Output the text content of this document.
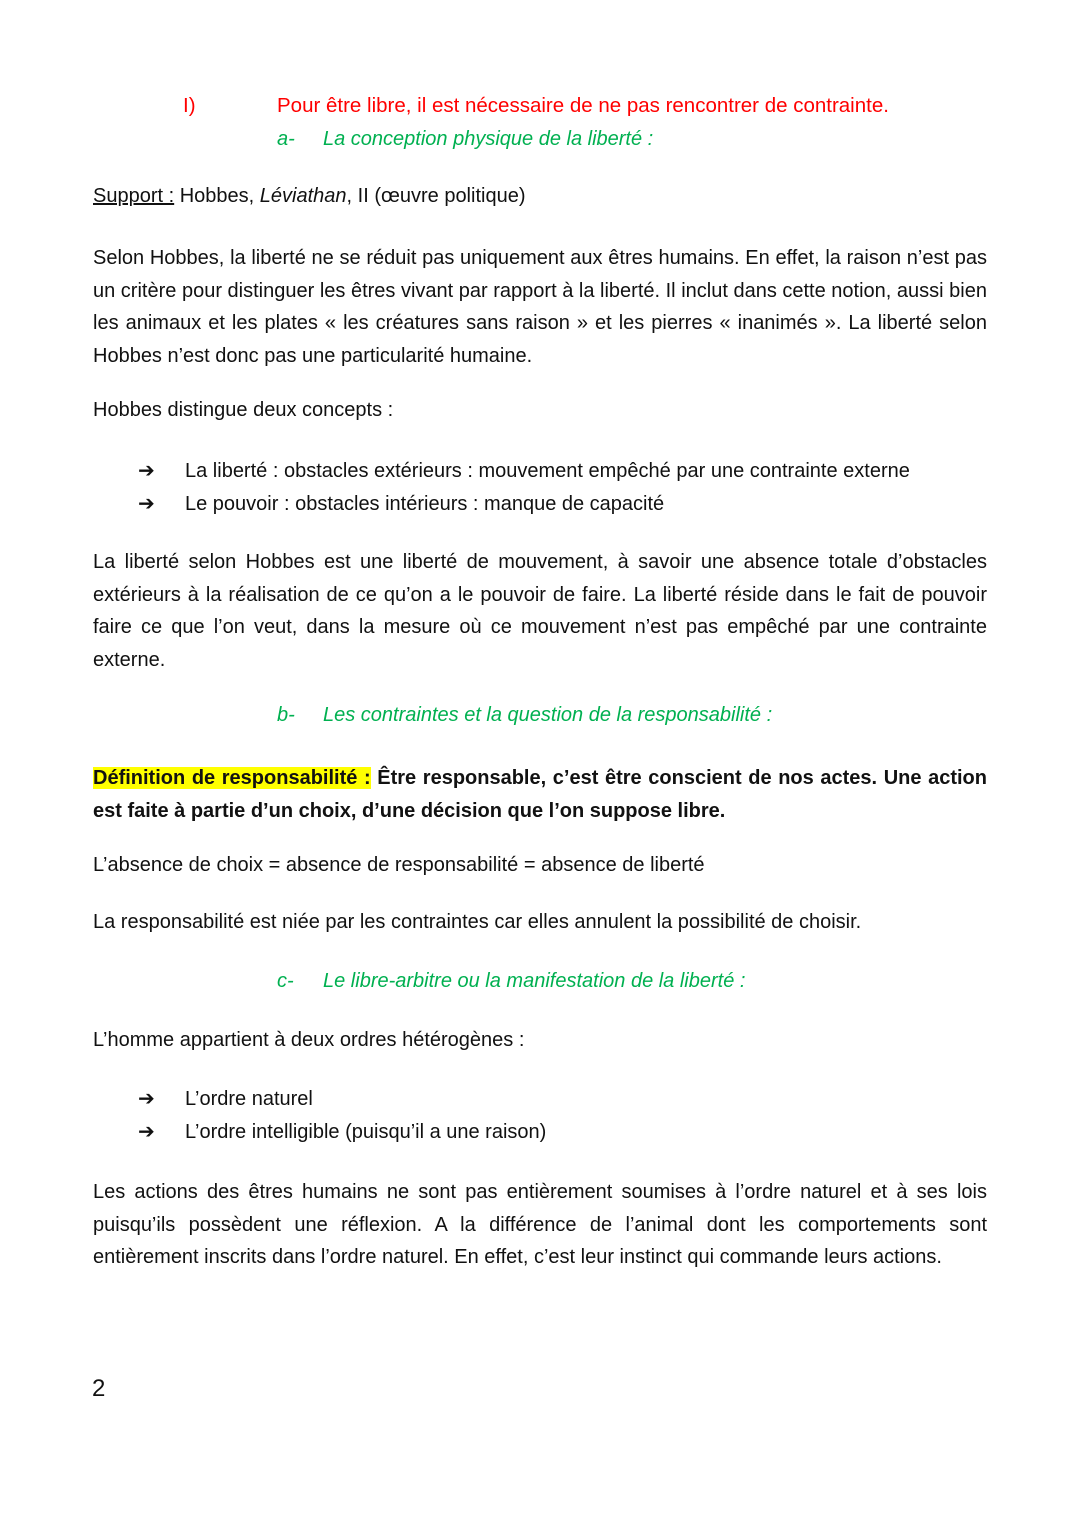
I)	Pour être libre, il est nécessaire de ne pas rencontrer de contrainte.
a- La conception physique de la liberté :
Support : Hobbes, Léviathan, II (œuvre politique)

Selon Hobbes, la liberté ne se réduit pas uniquement aux êtres humains. En effet, la raison n’est pas un critère pour distinguer les êtres vivant par rapport à la liberté. Il inclut dans cette notion, aussi bien les animaux et les plates « les créatures sans raison » et les pierres « inanimés ». La liberté selon Hobbes n’est donc pas une particularité humaine.

Hobbes distingue deux concepts :
➔ La liberté : obstacles extérieurs : mouvement empêché par une contrainte externe
➔ Le pouvoir : obstacles intérieurs : manque de capacité

La liberté selon Hobbes est une liberté de mouvement, à savoir une absence totale d’obstacles extérieurs à la réalisation de ce qu’on a le pouvoir de faire. La liberté réside dans le fait de pouvoir faire ce que l’on veut, dans la mesure où ce mouvement n’est pas empêché par une contrainte externe.

b- Les contraintes et la question de la responsabilité :

Définition de responsabilité : Être responsable, c’est être conscient de nos actes. Une action est faite à partie d’un choix, d’une décision que l’on suppose libre.

L’absence de choix = absence de responsabilité = absence de liberté
La responsabilité est niée par les contraintes car elles annulent la possibilité de choisir.
c- Le libre-arbitre ou la manifestation de la liberté :
L’homme appartient à deux ordres hétérogènes :
➔ L’ordre naturel
➔ L’ordre intelligible (puisqu’il a une raison)

Les actions des êtres humains ne sont pas entièrement soumises à l’ordre naturel et à ses lois puisqu’ils possèdent une réflexion. A la différence de l’animal dont les comportements sont entièrement inscrits dans l’ordre naturel. En effet, c’est leur instinct qui commande leurs actions.

2
